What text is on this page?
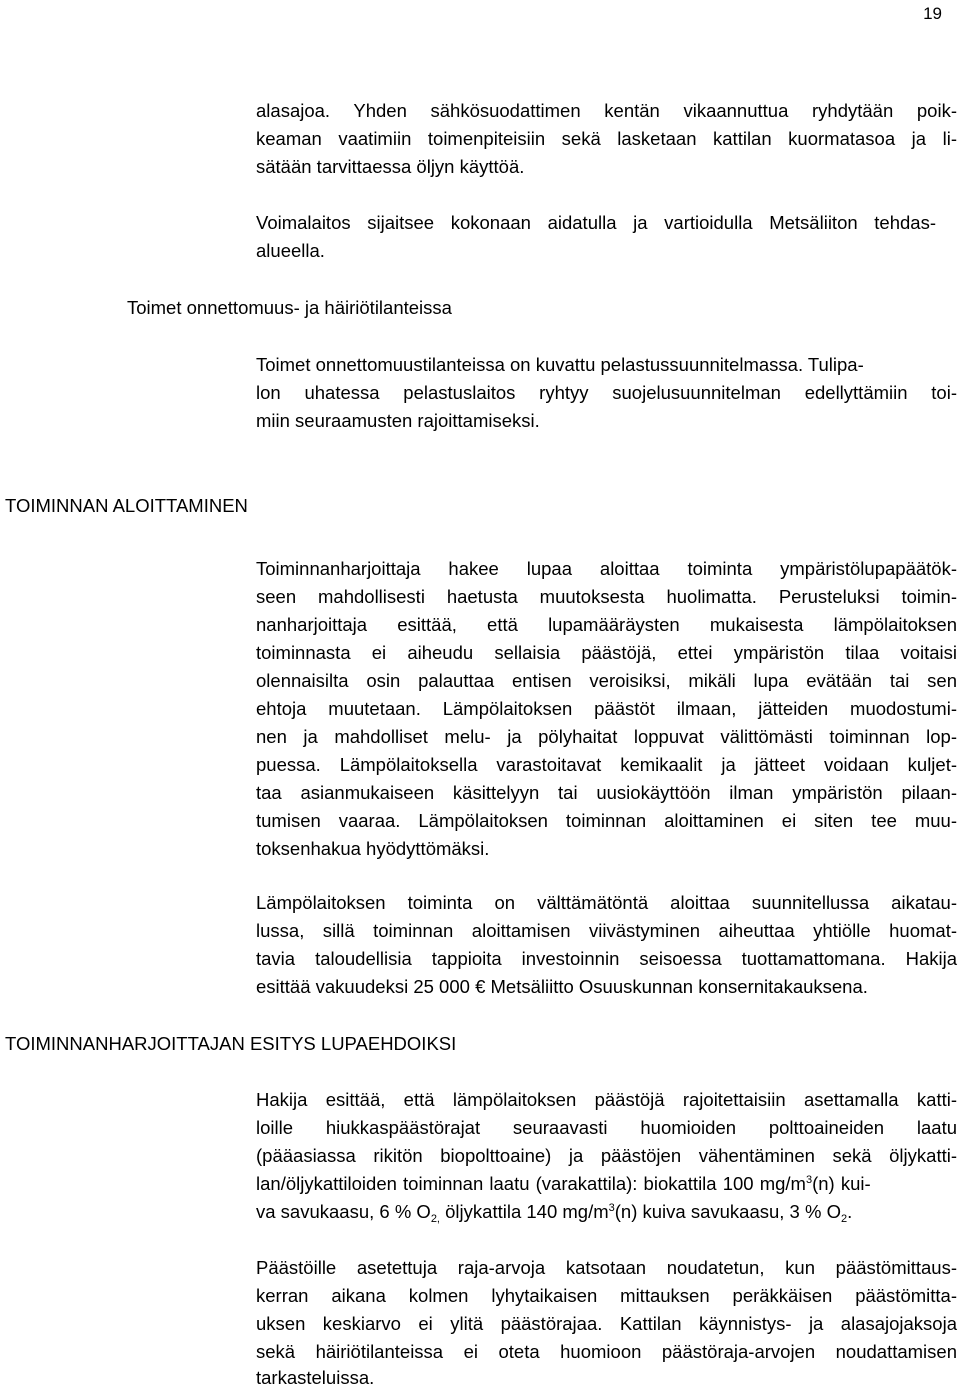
19
alasajoa. Yhden sähkösuodattimen kentän vikaannuttua ryhdytään poik-
keaman vaatimiin toimenpiteisiin sekä lasketaan kattilan kuormatasoa ja li-
sätään tarvittaessa öljyn käyttöä.
Voimalaitos sijaitsee kokonaan aidatulla ja vartioidulla Metsäliiton tehdas-
alueella.
Toimet onnettomuus- ja häiriötilanteissa
Toimet onnettomuustilanteissa on kuvattu pelastussuunnitelmassa. Tulipa-
lon uhatessa pelastuslaitos ryhtyy suojelusuunnitelman edellyttämiin toi-
miin seuraamusten rajoittamiseksi.
TOIMINNAN ALOITTAMINEN
Toiminnanharjoittaja hakee lupaa aloittaa toiminta ympäristölupapäätök-
seen mahdollisesti haetusta muutoksesta huolimatta. Perusteluksi toimin-
nanharjoittaja esittää, että lupamääräysten mukaisesta lämpölaitoksen
toiminnasta ei aiheudu sellaisia päästöjä, ettei ympäristön tilaa voitaisi
olennaisilta osin palauttaa entisen veroisiksi, mikäli lupa evätään tai sen
ehtoja muutetaan. Lämpölaitoksen päästöt ilmaan, jätteiden muodostumi-
nen ja mahdolliset melu- ja pölyhaitat loppuvat välittömästi toiminnan lop-
puessa. Lämpölaitoksella varastoitavat kemikaalit ja jätteet voidaan kuljet-
taa asianmukaiseen käsittelyyn tai uusiokäyttöön ilman ympäristön pilaan-
tumisen vaaraa. Lämpölaitoksen toiminnan aloittaminen ei siten tee muu-
toksenhakua hyödyttömäksi.
Lämpölaitoksen toiminta on välttämätöntä aloittaa suunnitellussa aikatau-
lussa, sillä toiminnan aloittamisen viivästyminen aiheuttaa yhtiölle huomat-
tavia taloudellisia tappioita investoinnin seisoessa tuottamattomana. Hakija
esittää vakuudeksi 25 000 € Metsäliitto Osuuskunnan konsernitakauksena.
TOIMINNANHARJOITTAJAN ESITYS LUPAEHDOIKSI
Hakija esittää, että lämpölaitoksen päästöjä rajoitettaisiin asettamalla katti-
loille hiukkaspäästörajat seuraavasti huomioiden polttoaineiden laatu
(pääasiassa rikitön biopolttoaine) ja päästöjen vähentäminen sekä öljykatti-
lan/öljykattiloiden toiminnan laatu (varakattila): biokattila 100 $mg/m^3(n)$ kui-
va savukaasu, 6 % $O_{2,}$ öljykattila 140 $mg/m^3(n)$ kuiva savukaasu, 3 % $O_2$.
Päästöille asetettuja raja-arvoja katsotaan noudatetun, kun päästömittaus-
kerran aikana kolmen lyhytaikaisen mittauksen peräkkäisen päästömitta-
uksen keskiarvo ei ylitä päästörajaa. Kattilan käynnistys- ja alasajojaksoja
sekä häiriötilanteissa ei oteta huomioon päästöraja-arvojen noudattamisen
tarkasteluissa.
